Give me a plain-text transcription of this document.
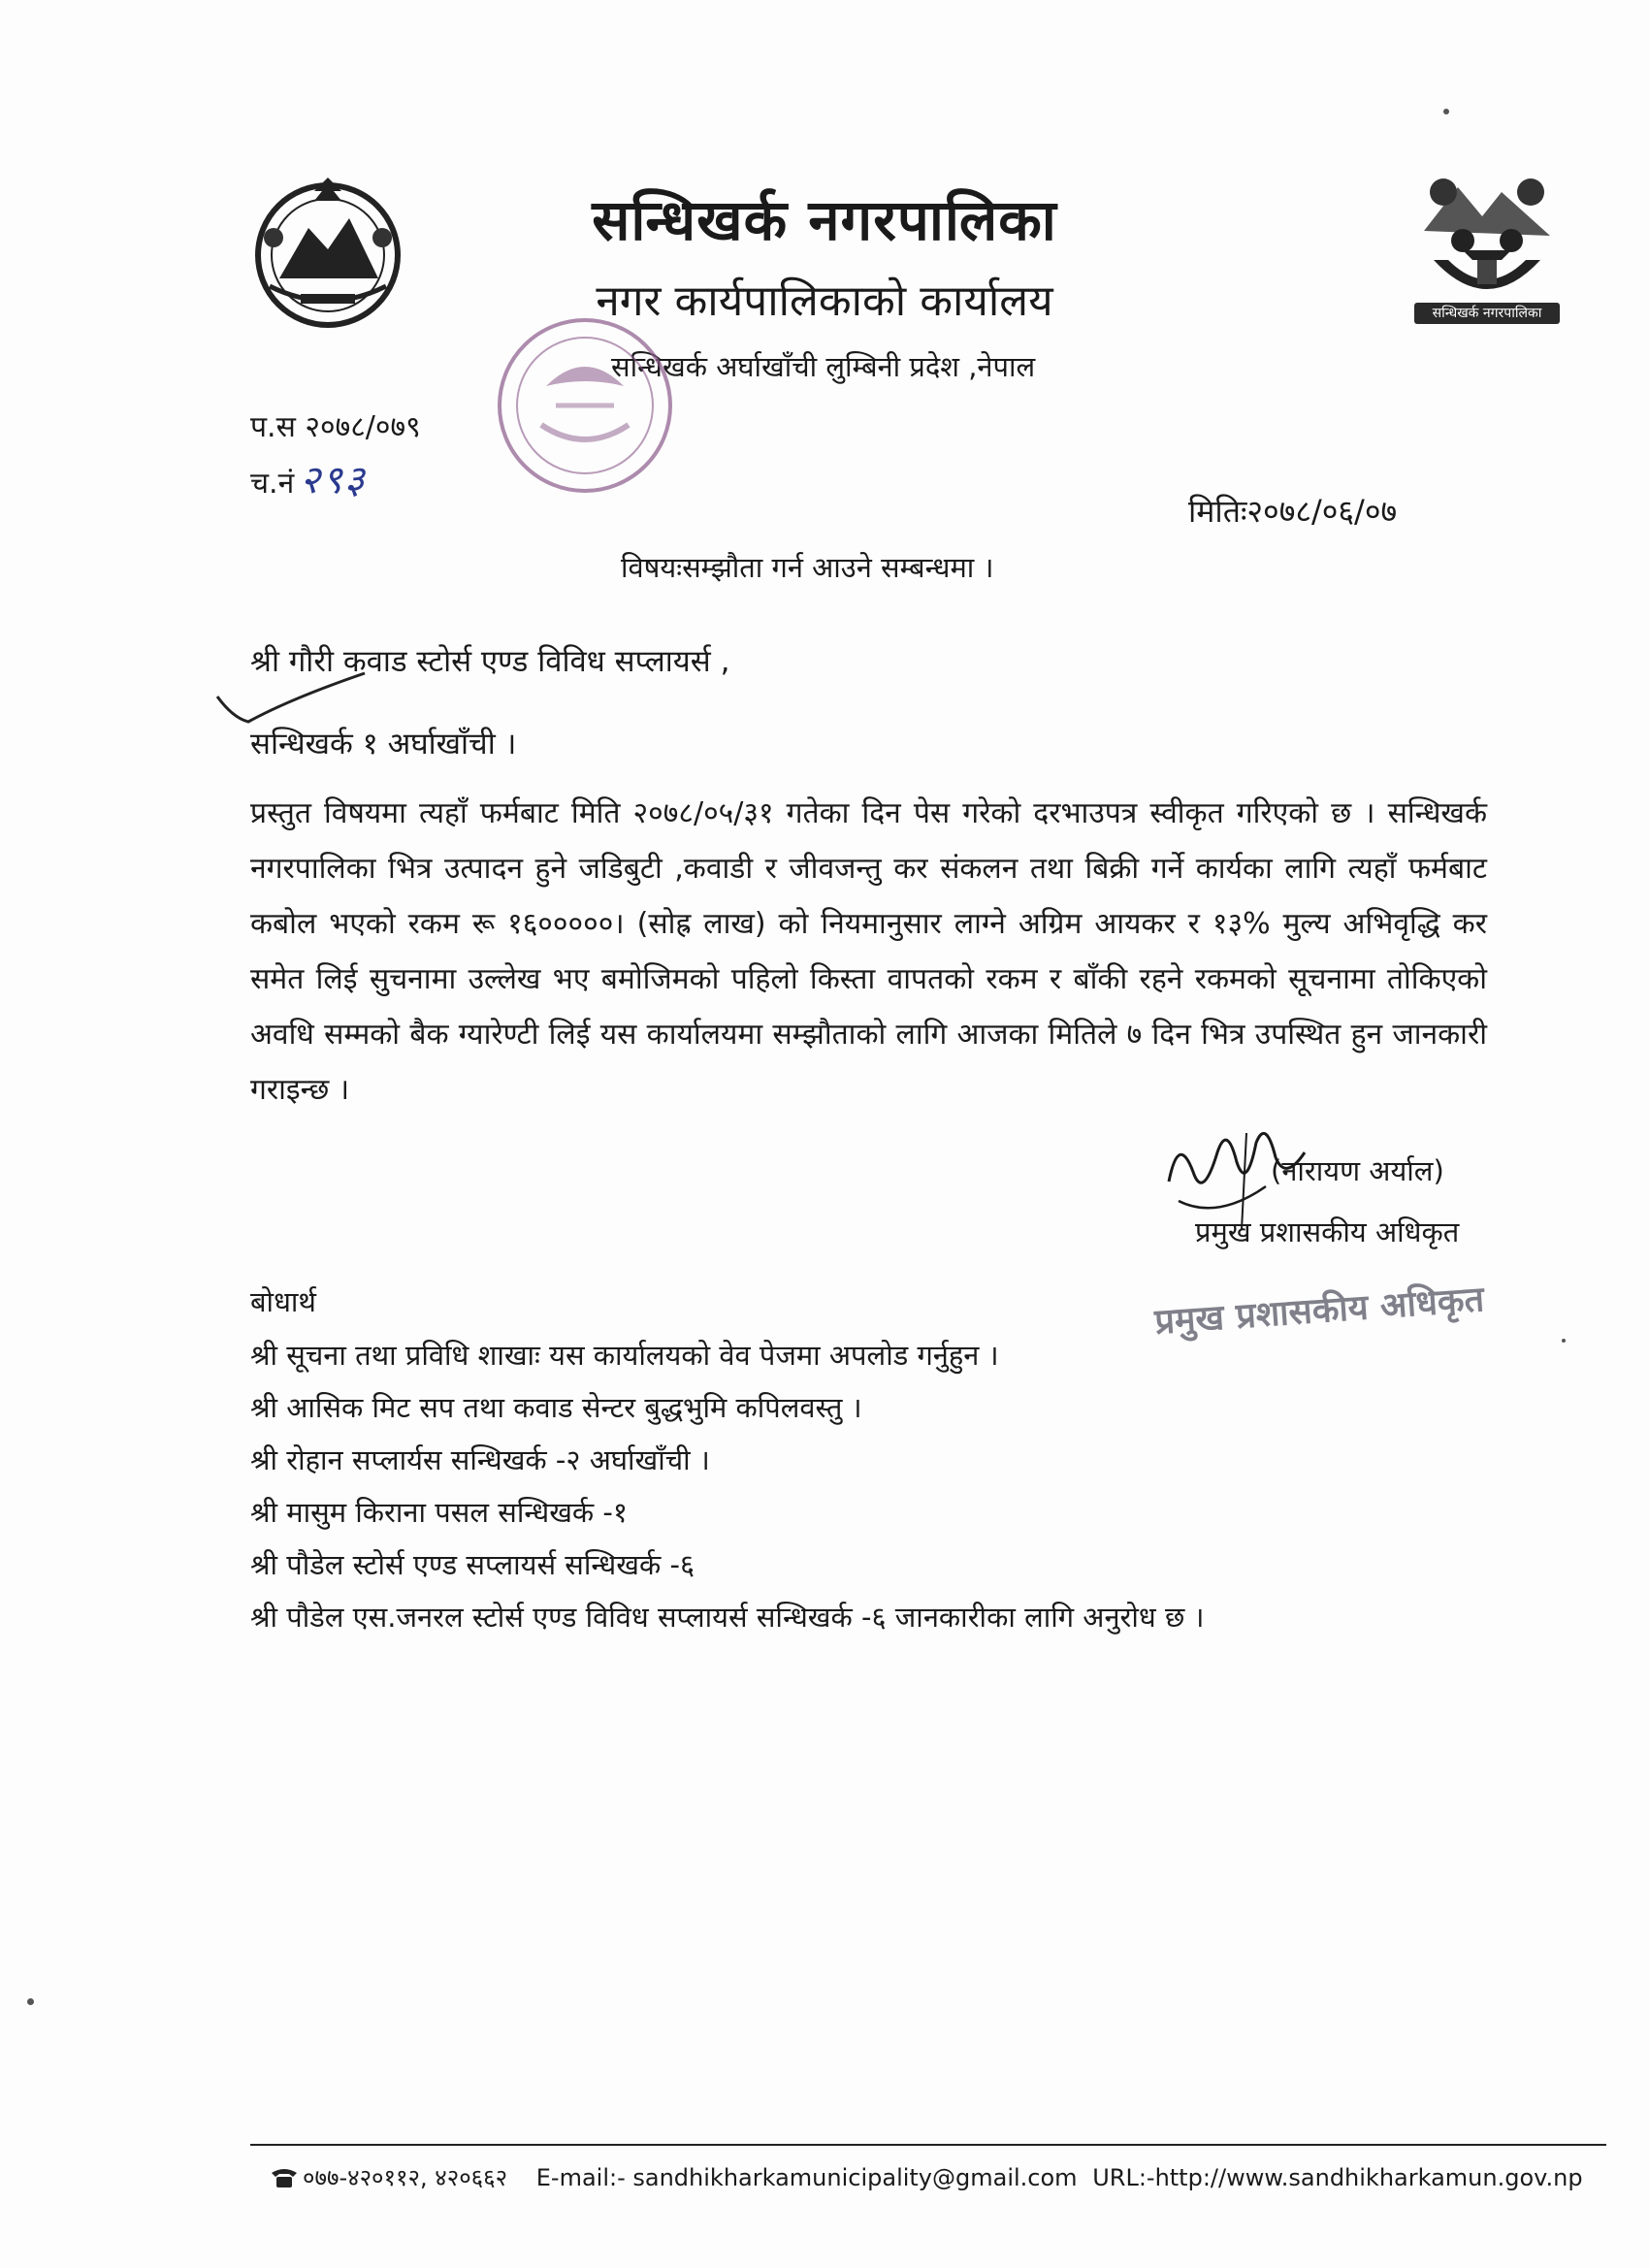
सन्धिखर्क नगरपालिका
सन्धिखर्क नगरपालिका
नगर कार्यपालिकाको कार्यालय
सन्धिखर्क अर्घाखाँची लुम्बिनी प्रदेश ,नेपाल
प.स २०७८/०७९
च.नं २९३
मितिः२०७८/०६/०७
विषयःसम्झौता गर्न आउने सम्बन्धमा ।
श्री गौरी कवाड स्टोर्स एण्ड विविध सप्लायर्स ,
सन्धिखर्क १ अर्घाखाँची ।
प्रस्तुत विषयमा त्यहाँ फर्मबाट मिति २०७८/०५/३१ गतेका दिन पेस गरेको दरभाउपत्र स्वीकृत गरिएको छ । सन्धिखर्क नगरपालिका भित्र उत्पादन हुने जडिबुटी ,कवाडी र जीवजन्तु कर संकलन तथा बिक्री गर्ने कार्यका लागि त्यहाँ फर्मबाट कबोल भएको रकम रू १६०००००। (सोह्र लाख) को नियमानुसार लाग्ने अग्रिम आयकर र १३% मुल्य अभिवृद्धि कर समेत लिई सुचनामा उल्लेख भए बमोजिमको पहिलो किस्ता वापतको रकम र बाँकी रहने रकमको सूचनामा तोकिएको अवधि सम्मको बैक ग्यारेण्टी लिई यस कार्यालयमा सम्झौताको लागि आजका मितिले ७ दिन भित्र उपस्थित हुन जानकारी गराइन्छ ।
(नारायण अर्याल)
प्रमुख प्रशासकीय अधिकृत
प्रमुख प्रशासकीय अधिकृत
बोधार्थ
श्री सूचना तथा प्रविधि शाखाः यस कार्यालयको वेव पेजमा अपलोड गर्नुहुन ।
श्री आसिक मिट सप तथा कवाड सेन्टर बुद्धभुमि कपिलवस्तु ।
श्री रोहान सप्लार्यस सन्धिखर्क -२ अर्घाखाँची ।
श्री मासुम किराना पसल सन्धिखर्क -१
श्री पौडेल स्टोर्स एण्ड सप्लायर्स सन्धिखर्क -६
श्री पौडेल एस.जनरल स्टोर्स एण्ड विविध सप्लायर्स सन्धिखर्क -६ जानकारीका लागि अनुरोध छ ।
०७७-४२०११२, ४२०६६२ E-mail:- sandhikharkamunicipality@gmail.com URL:-http://www.sandhikharkamun.gov.np
